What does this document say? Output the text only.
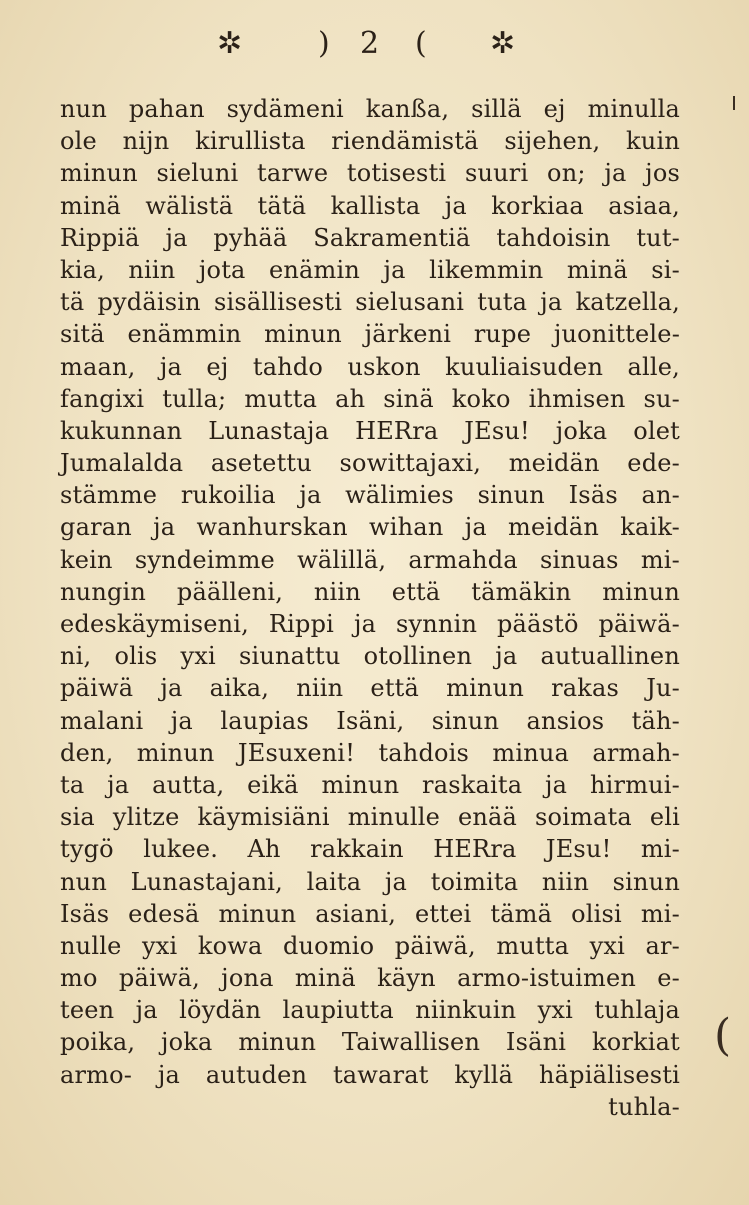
✲	) 2 ( ✲
nun pahan sydämeni kanßa, sillä ej minulla
ole nijn kirullista riendämistä sijehen, kuin
minun sieluni tarwe totisesti suuri on; ja jos
minä wälistä tätä kallista ja korkiaa asiaa,
Rippiä ja pyhää Sakramentiä tahdoisin tut-
kia, niin jota enämin ja likemmin minä si-
tä pydäisin sisällisesti sielusani tuta ja katzella,
sitä enämmin minun järkeni rupe juonittele-
maan, ja ej tahdo uskon kuuliaisuden alle,
fangixi tulla; mutta ah sinä koko ihmisen su-
kukunnan Lunastaja HERra JEsu! joka olet
Jumalalda asetettu sowittajaxi, meidän ede-
stämme rukoilia ja wälimies sinun Isäs an-
garan ja wanhurskan wihan ja meidän kaik-
kein syndeimme wälillä, armahda sinuas mi-
nungin päälleni, niin että tämäkin minun
edeskäymiseni, Rippi ja synnin päästö päiwä-
ni, olis yxi siunattu otollinen ja autuallinen
päiwä ja aika, niin että minun rakas Ju-
malani ja laupias Isäni, sinun ansios täh-
den, minun JEsuxeni! tahdois minua armah-
ta ja autta, eikä minun raskaita ja hirmui-
sia ylitze käymisiäni minulle enää soimata eli
tygö lukee. Ah rakkain HERra JEsu! mi-
nun Lunastajani, laita ja toimita niin sinun
Isäs edesä minun asiani, ettei tämä olisi mi-
nulle yxi kowa duomio päiwä, mutta yxi ar-
mo päiwä, jona minä käyn armo-istuimen e-
teen ja löydän laupiutta niinkuin yxi tuhlaja
poika, joka minun Taiwallisen Isäni korkiat
armo- ja autuden tawarat kyllä häpiälisesti
tuhla-
(
